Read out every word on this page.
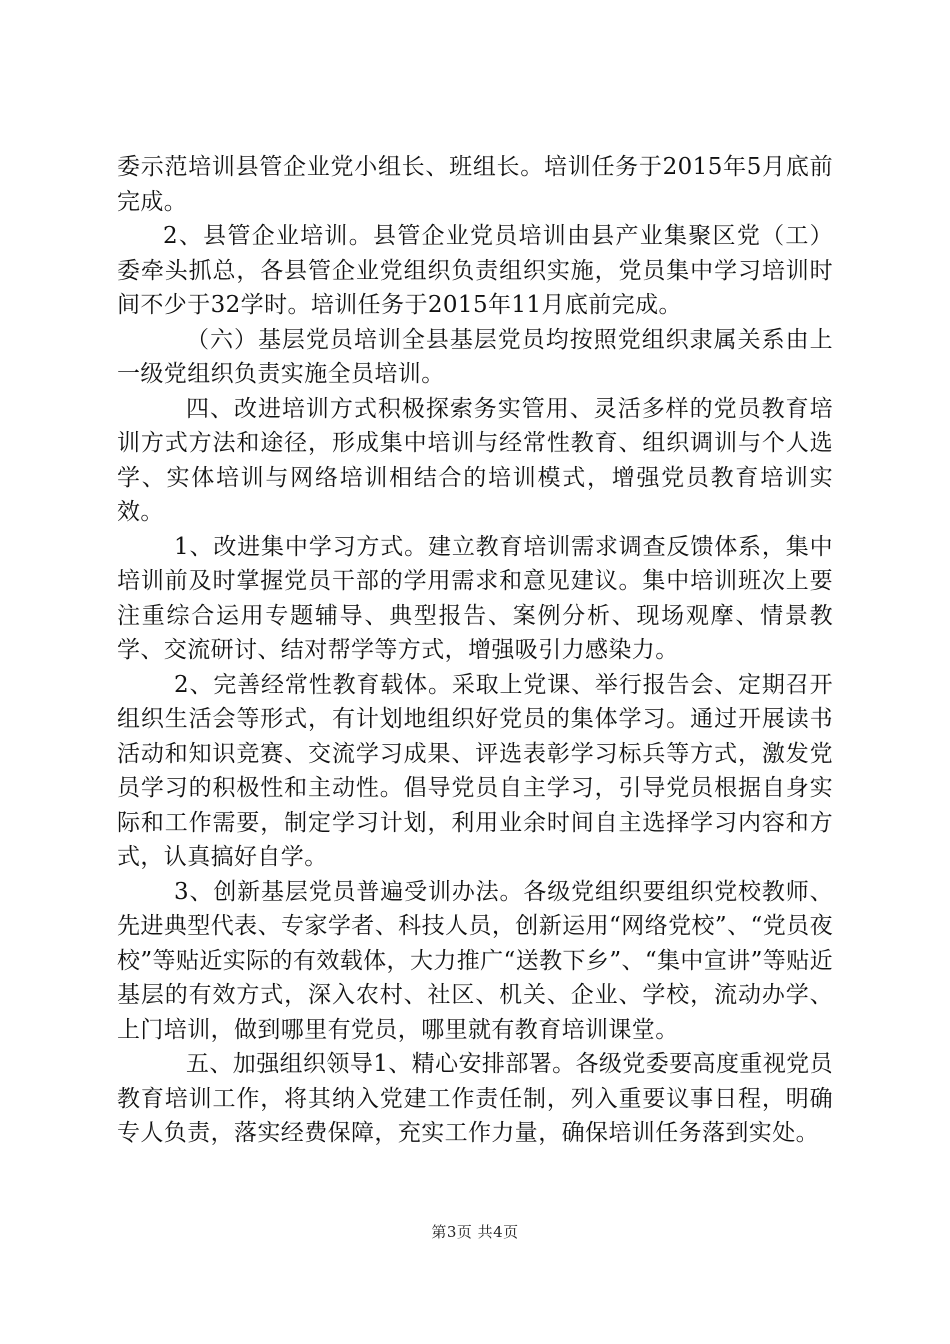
委示范培训县管企业党小组长、班组长。培训任务于2015年5月底前完成。

2、县管企业培训。县管企业党员培训由县产业集聚区党（工）委牵头抓总，各县管企业党组织负责组织实施，党员集中学习培训时间不少于32学时。培训任务于2015年11月底前完成。

（六）基层党员培训全县基层党员均按照党组织隶属关系由上一级党组织负责实施全员培训。

四、改进培训方式积极探索务实管用、灵活多样的党员教育培训方式方法和途径，形成集中培训与经常性教育、组织调训与个人选学、实体培训与网络培训相结合的培训模式，增强党员教育培训实效。

1、改进集中学习方式。建立教育培训需求调查反馈体系，集中培训前及时掌握党员干部的学用需求和意见建议。集中培训班次上要注重综合运用专题辅导、典型报告、案例分析、现场观摩、情景教学、交流研讨、结对帮学等方式，增强吸引力感染力。

2、完善经常性教育载体。采取上党课、举行报告会、定期召开组织生活会等形式，有计划地组织好党员的集体学习。通过开展读书活动和知识竞赛、交流学习成果、评选表彰学习标兵等方式，激发党员学习的积极性和主动性。倡导党员自主学习，引导党员根据自身实际和工作需要，制定学习计划，利用业余时间自主选择学习内容和方式，认真搞好自学。

3、创新基层党员普遍受训办法。各级党组织要组织党校教师、先进典型代表、专家学者、科技人员，创新运用“网络党校”、“党员夜校”等贴近实际的有效载体，大力推广“送教下乡”、“集中宣讲”等贴近基层的有效方式，深入农村、社区、机关、企业、学校，流动办学、上门培训，做到哪里有党员，哪里就有教育培训课堂。

五、加强组织领导1、精心安排部署。各级党委要高度重视党员教育培训工作，将其纳入党建工作责任制，列入重要议事日程，明确专人负责，落实经费保障，充实工作力量，确保培训任务落到实处。

第3页 共4页
